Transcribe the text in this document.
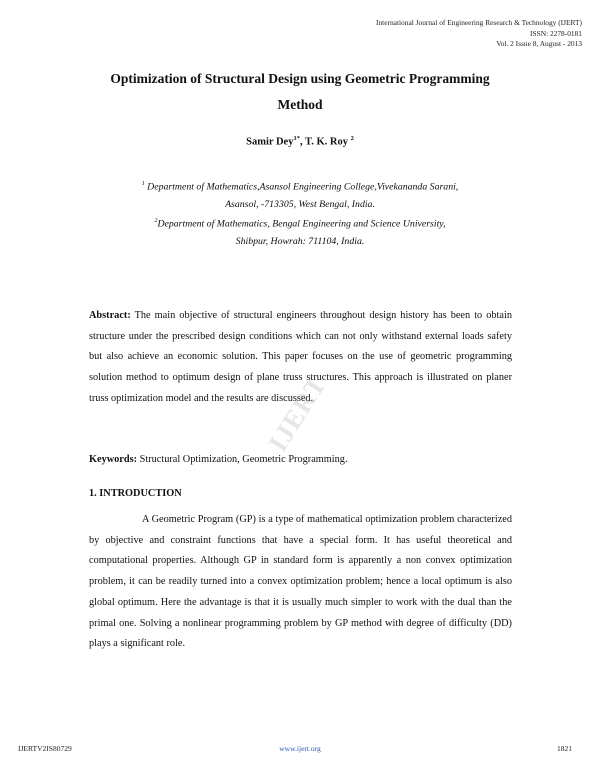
International Journal of Engineering Research & Technology (IJERT)
ISSN: 2278-0181
Vol. 2 Issue 8, August - 2013
Optimization of Structural Design using Geometric Programming
Method
Samir Dey$^{1*}$, T. K. Roy $^2$
$^1$ Department of Mathematics,Asansol Engineering College,Vivekananda Sarani,
Asansol, -713305, West Bengal, India.
$^2$Department of Mathematics, Bengal Engineering and Science University,
Shibpur, Howrah: 711104, India.

Abstract: The main objective of structural engineers throughout design history has been to obtain structure under the prescribed design conditions which can not only withstand external loads safety but also achieve an economic solution. This paper focuses on the use of geometric programming solution method to optimum design of plane truss structures. This approach is illustrated on planer truss optimization model and the results are discussed.

IJERT

Keywords: Structural Optimization, Geometric Programming.

1. INTRODUCTION

A Geometric Program (GP) is a type of mathematical optimization problem characterized by objective and constraint functions that have a special form. It has useful theoretical and computational properties. Although GP in standard form is apparently a non convex optimization problem, it can be readily turned into a convex optimization problem; hence a local optimum is also global optimum. Here the advantage is that it is usually much simpler to work with the dual than the primal one. Solving a nonlinear programming problem by GP method with degree of difficulty (DD) plays a significant role.

IJERTV2IS80729	www.ijert.org	1821
